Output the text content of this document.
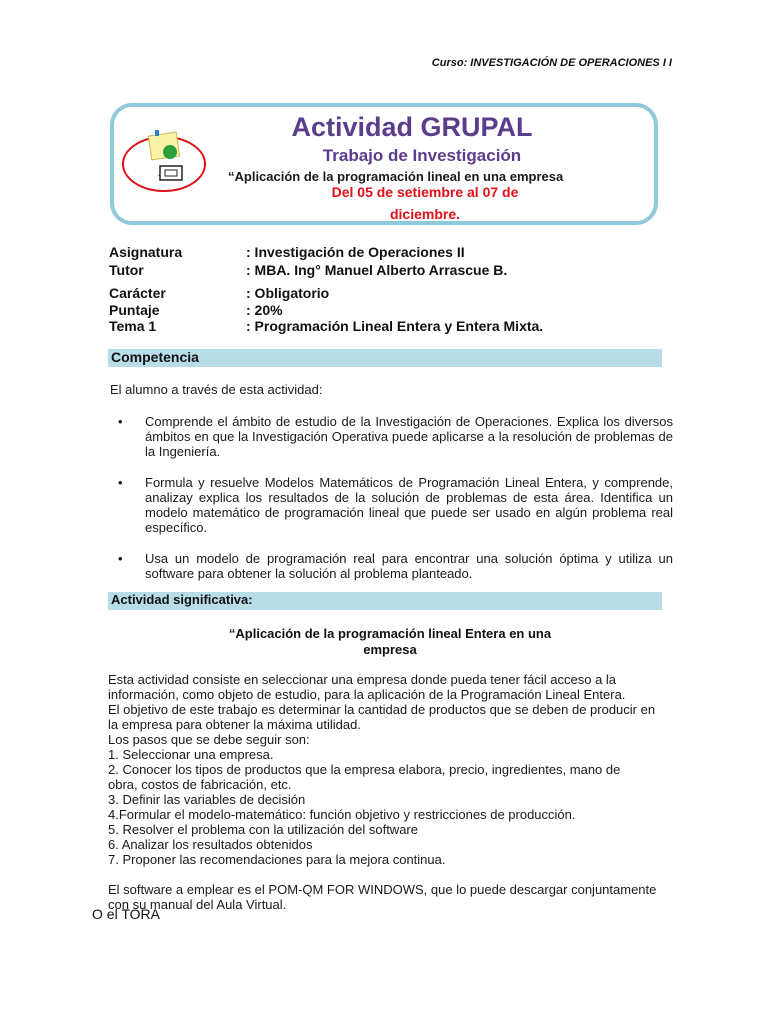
Curso: INVESTIGACIÓN DE OPERACIONES I I
Actividad GRUPAL
Trabajo de Investigación
“Aplicación de la programación lineal en una empresa
Del 05 de setiembre al 07 de
diciembre.
Asignatura	: Investigación de Operaciones II
Tutor	: MBA. Ing° Manuel Alberto Arrascue B.
Carácter	: Obligatorio
Puntaje	: 20%
Tema 1	: Programación Lineal Entera y Entera Mixta.
Competencia
El alumno a través de esta actividad:
• Comprende el ámbito de estudio de la Investigación de Operaciones. Explica los diversos ámbitos en que la Investigación Operativa puede aplicarse a la resolución de problemas de la Ingeniería.
• Formula y resuelve Modelos Matemáticos de Programación Lineal Entera, y comprende, analizay explica los resultados de la solución de problemas de esta área. Identifica un modelo matemático de programación lineal que puede ser usado en algún problema real específico.
• Usa un modelo de programación real para encontrar una solución óptima y utiliza un software para obtener la solución al problema planteado.
Actividad significativa:
“Aplicación de la programación lineal Entera en una
empresa
Esta actividad consiste en seleccionar una empresa donde pueda tener fácil acceso a la
información, como objeto de estudio, para la aplicación de la Programación Lineal Entera.
El objetivo de este trabajo es determinar la cantidad de productos que se deben de producir en
la empresa para obtener la máxima utilidad.
Los pasos que se debe seguir son:
1. Seleccionar una empresa.
2. Conocer los tipos de productos que la empresa elabora, precio, ingredientes, mano de
obra, costos de fabricación, etc.
3. Definir las variables de decisión
4.Formular el modelo-matemático: función objetivo y restricciones de producción.
5. Resolver el problema con la utilización del software
6. Analizar los resultados obtenidos
7. Proponer las recomendaciones para la mejora continua.
El software a emplear es el POM-QM FOR WINDOWS, que lo puede descargar conjuntamente
con su manual del Aula Virtual.
O el TORA
